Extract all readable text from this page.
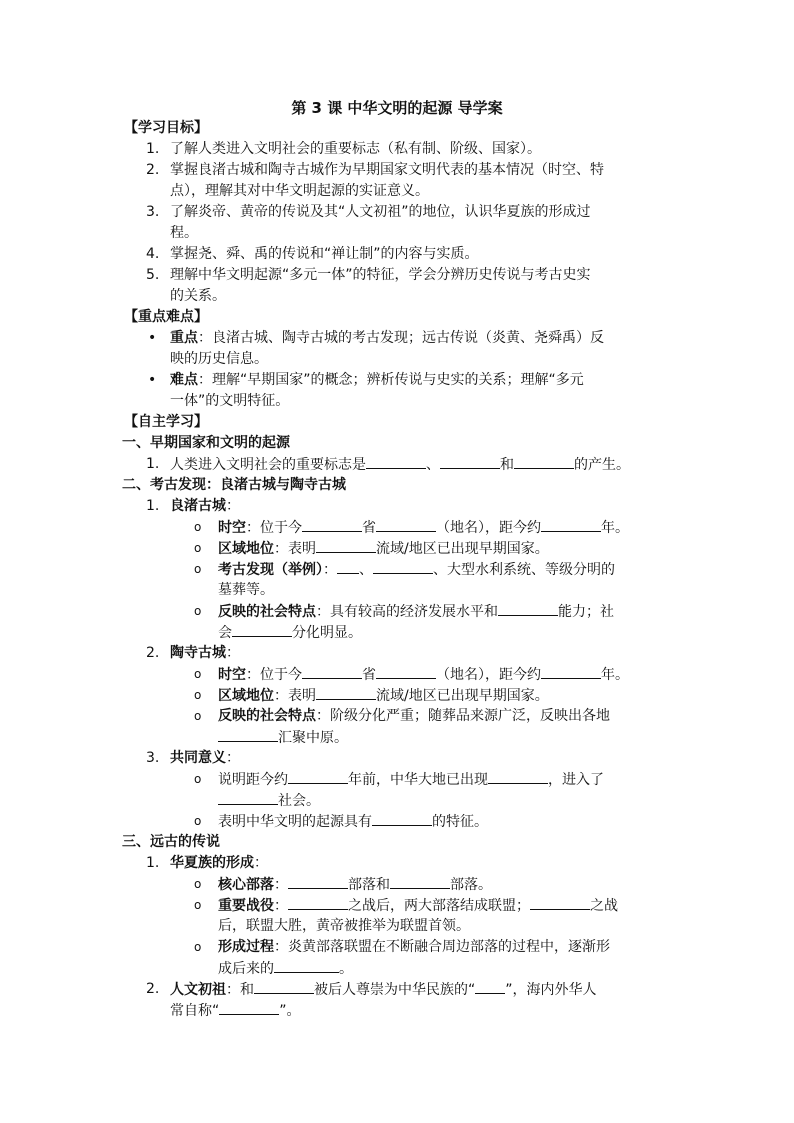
第 3 课 中华文明的起源 导学案
【学习目标】
1. 了解人类进入文明社会的重要标志（私有制、阶级、国家）。
2. 掌握良渚古城和陶寺古城作为早期国家文明代表的基本情况（时空、特
点），理解其对中华文明起源的实证意义。
3. 了解炎帝、黄帝的传说及其“人文初祖”的地位，认识华夏族的形成过
程。
4. 掌握尧、舜、禹的传说和“禅让制”的内容与实质。
5. 理解中华文明起源“多元一体”的特征，学会分辨历史传说与考古史实
的关系。
【重点难点】
• 重点：良渚古城、陶寺古城的考古发现；远古传说（炎黄、尧舜禹）反
映的历史信息。
• 难点：理解“早期国家”的概念；辨析传说与史实的关系；理解“多元
一体”的文明特征。
【自主学习】
一、早期国家和文明的起源
1. 人类进入文明社会的重要标志是	、	和	的产生。
二、考古发现：良渚古城与陶寺古城
1. 良渚古城：
o 时空：位于今	省	（地名），距今约	年。
o 区域地位：表明	流域/地区已出现早期国家。
o 考古发现（举例）： 、	、大型水利系统、等级分明的
墓葬等。
o 反映的社会特点：具有较高的经济发展水平和	能力；社
会	分化明显。
2. 陶寺古城：
o 时空：位于今	省	（地名），距今约	年。
o 区域地位：表明	流域/地区已出现早期国家。
o 反映的社会特点：阶级分化严重；随葬品来源广泛，反映出各地
汇聚中原。
3. 共同意义：
o 说明距今约	年前，中华大地已出现	，进入了
社会。
o 表明中华文明的起源具有	的特征。
三、远古的传说
1. 华夏族的形成：
o 核心部落：	部落和	部落。
o 重要战役：	之战后，两大部落结成联盟；	之战
后，联盟大胜，黄帝被推举为联盟首领。
o 形成过程：炎黄部落联盟在不断融合周边部落的过程中，逐渐形
成后来的	。
2. 人文初祖：和	被后人尊崇为中华民族的“ ”，海内外华人
常自称“	”。
